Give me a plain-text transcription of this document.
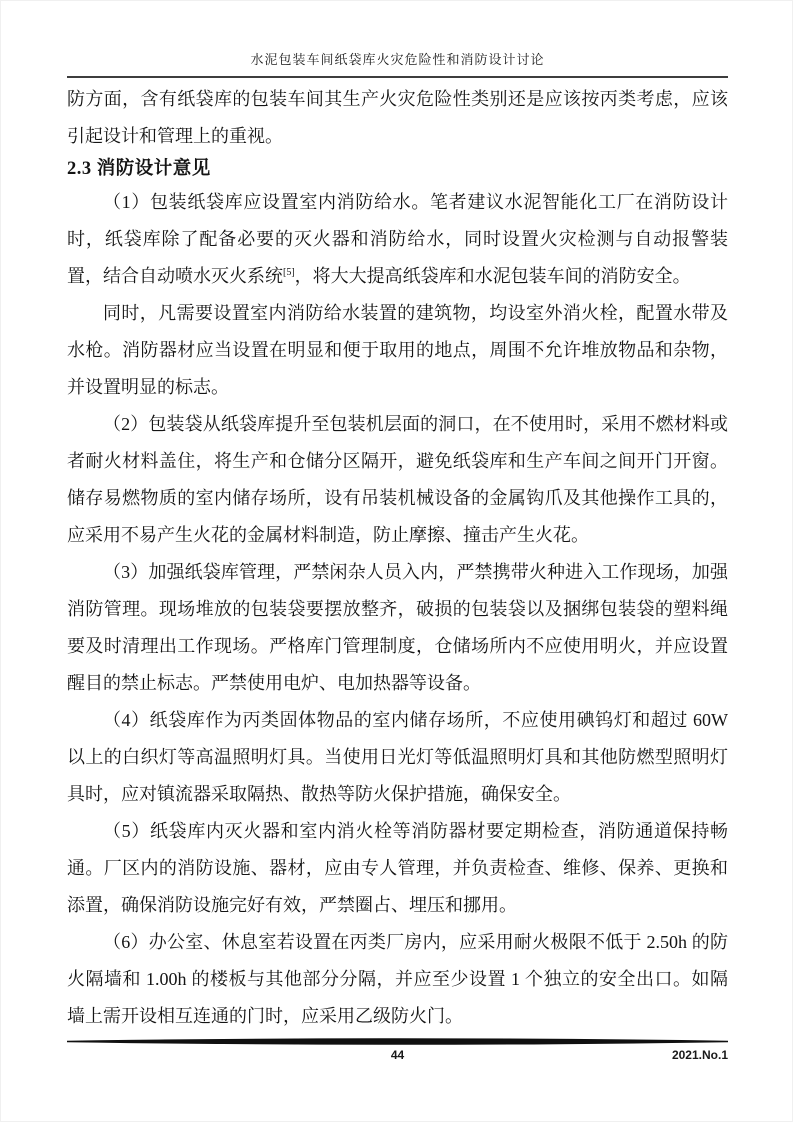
水泥包装车间纸袋库火灾危险性和消防设计讨论

防方面，含有纸袋库的包装车间其生产火灾危险性类别还是应该按丙类考虑，应该引起设计和管理上的重视。

2.3 消防设计意见

（1）包装纸袋库应设置室内消防给水。笔者建议水泥智能化工厂在消防设计时，纸袋库除了配备必要的灭火器和消防给水，同时设置火灾检测与自动报警装置，结合自动喷水灭火系统[5]，将大大提高纸袋库和水泥包装车间的消防安全。

同时，凡需要设置室内消防给水装置的建筑物，均设室外消火栓，配置水带及水枪。消防器材应当设置在明显和便于取用的地点，周围不允许堆放物品和杂物，并设置明显的标志。

（2）包装袋从纸袋库提升至包装机层面的洞口，在不使用时，采用不燃材料或者耐火材料盖住，将生产和仓储分区隔开，避免纸袋库和生产车间之间开门开窗。储存易燃物质的室内储存场所，设有吊装机械设备的金属钩爪及其他操作工具的，应采用不易产生火花的金属材料制造，防止摩擦、撞击产生火花。

（3）加强纸袋库管理，严禁闲杂人员入内，严禁携带火种进入工作现场，加强消防管理。现场堆放的包装袋要摆放整齐，破损的包装袋以及捆绑包装袋的塑料绳要及时清理出工作现场。严格库门管理制度，仓储场所内不应使用明火，并应设置醒目的禁止标志。严禁使用电炉、电加热器等设备。

（4）纸袋库作为丙类固体物品的室内储存场所，不应使用碘钨灯和超过 60W 以上的白织灯等高温照明灯具。当使用日光灯等低温照明灯具和其他防燃型照明灯具时，应对镇流器采取隔热、散热等防火保护措施，确保安全。

（5）纸袋库内灭火器和室内消火栓等消防器材要定期检查，消防通道保持畅通。厂区内的消防设施、器材，应由专人管理，并负责检查、维修、保养、更换和添置，确保消防设施完好有效，严禁圈占、埋压和挪用。

（6）办公室、休息室若设置在丙类厂房内，应采用耐火极限不低于 2.50h 的防火隔墙和 1.00h 的楼板与其他部分分隔，并应至少设置 1 个独立的安全出口。如隔墙上需开设相互连通的门时，应采用乙级防火门。

44	2021.No.1
